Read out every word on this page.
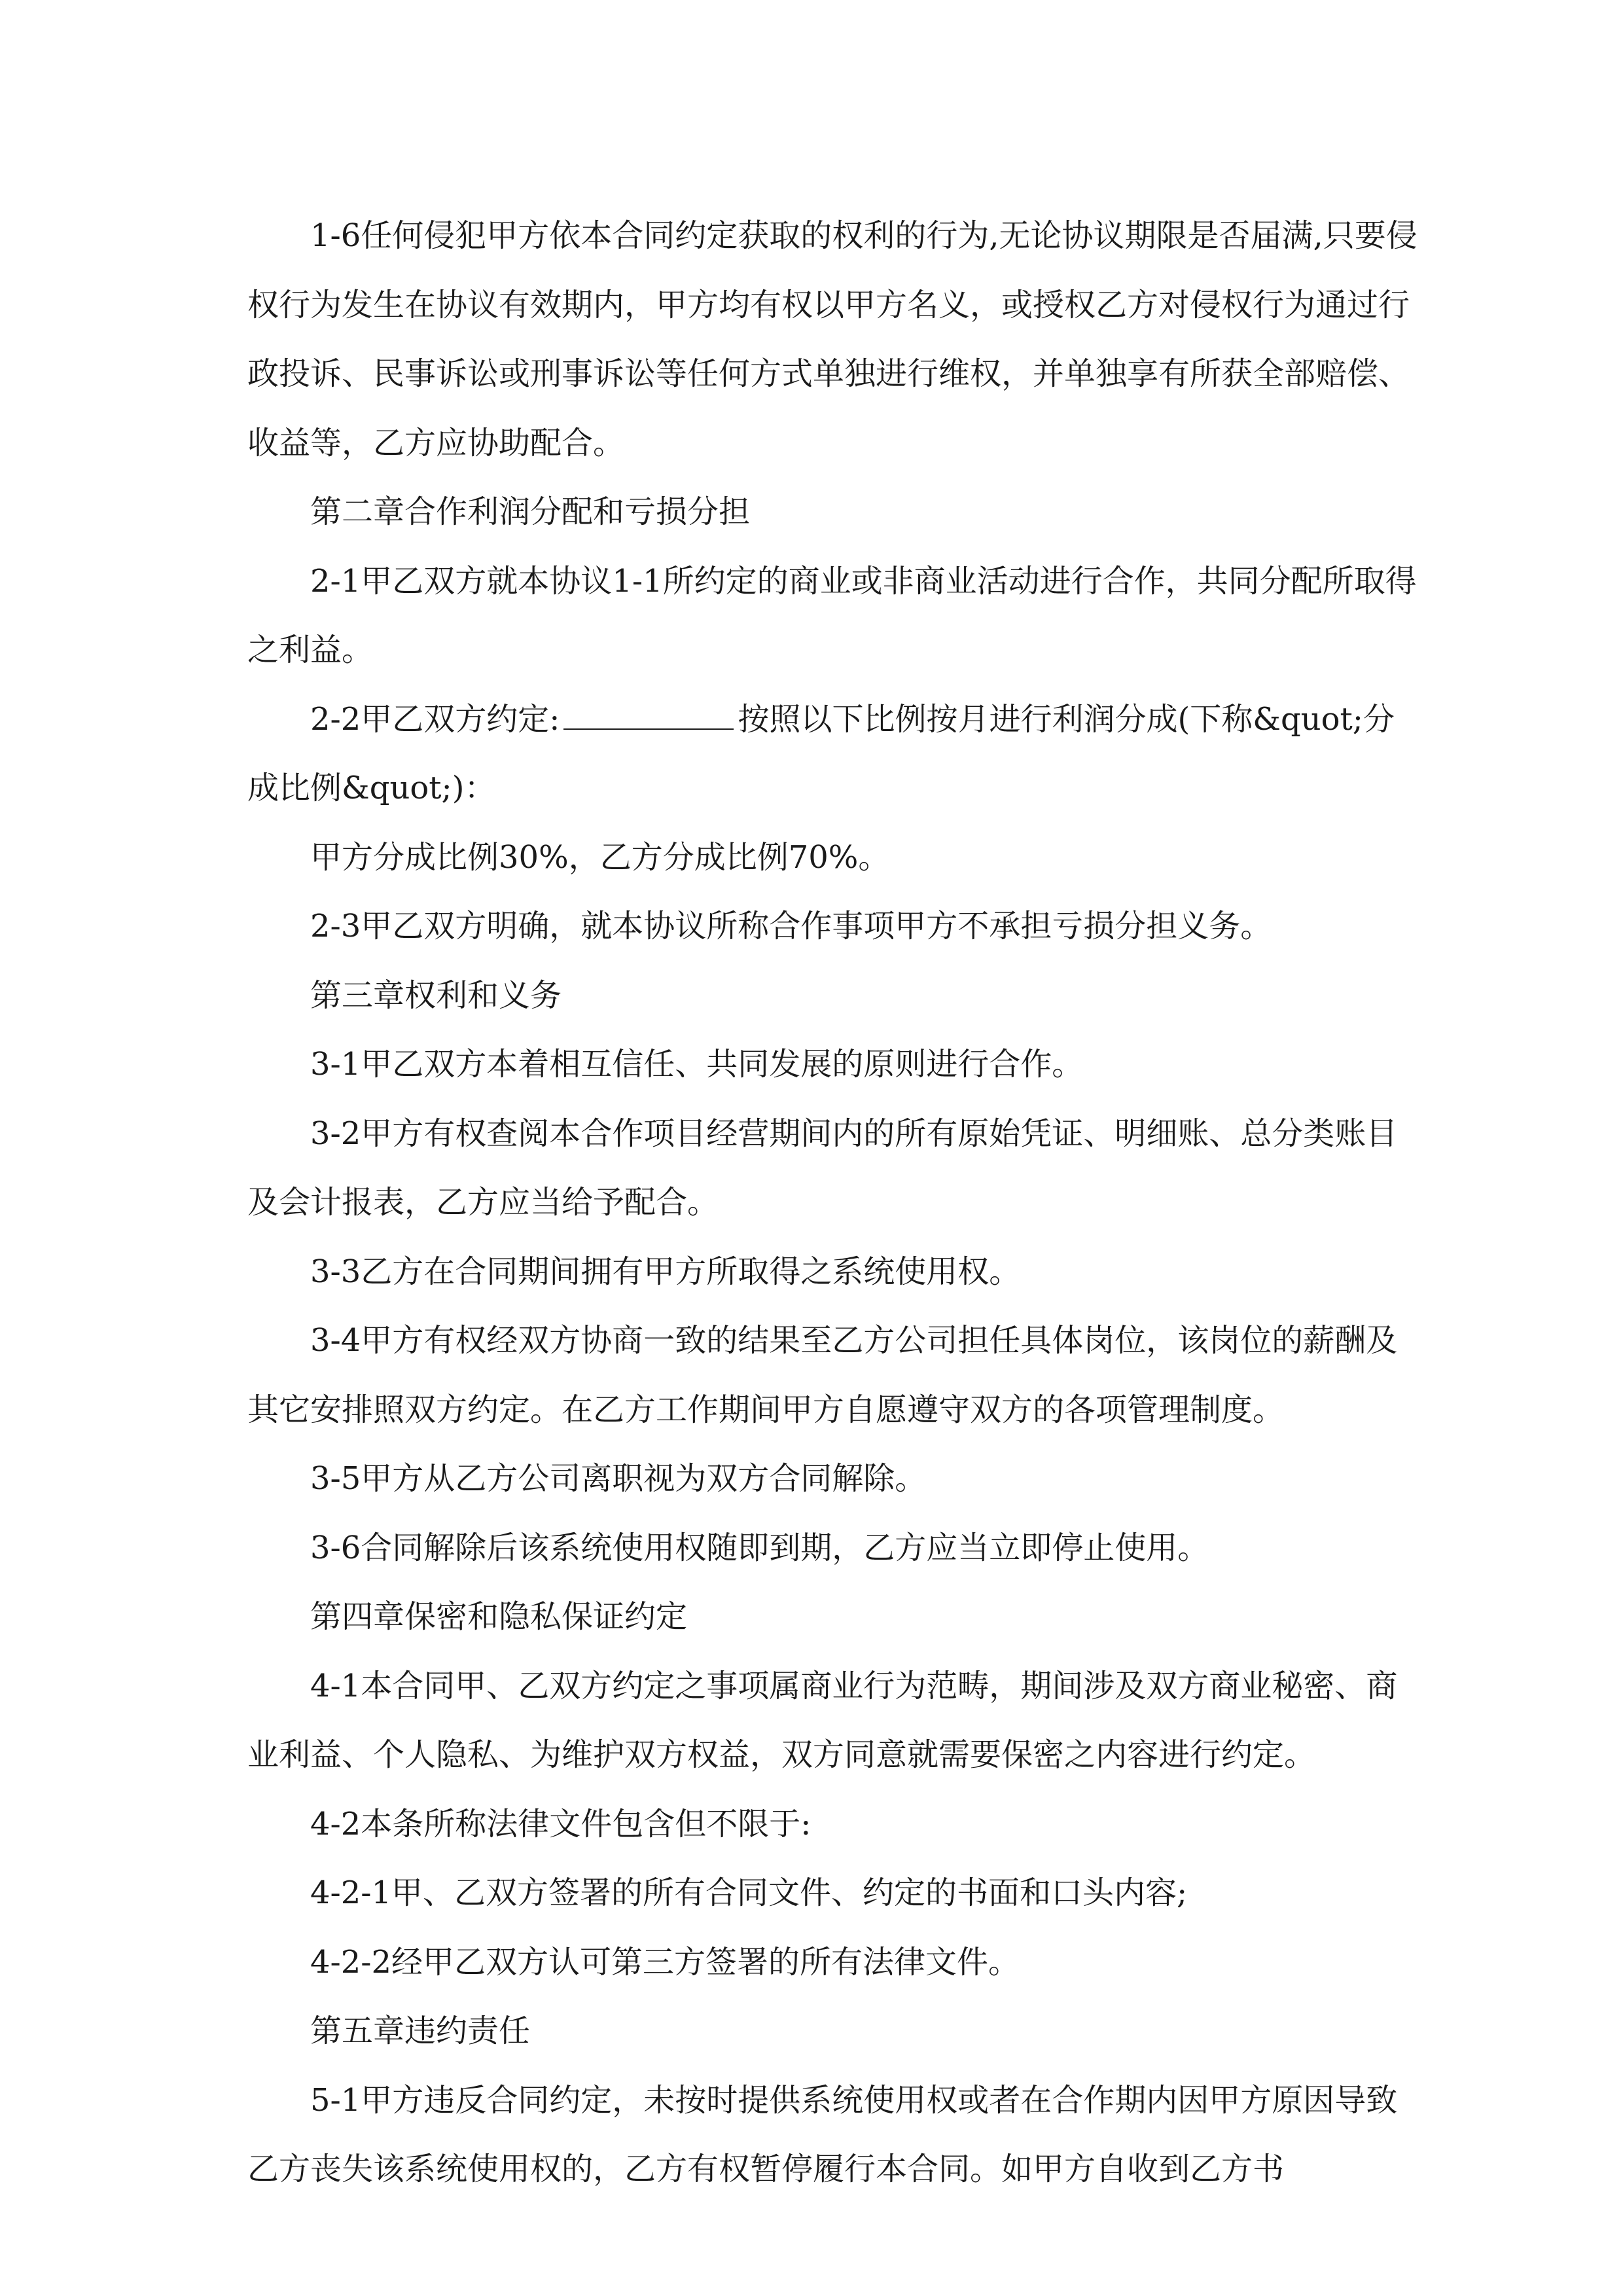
1-6任何侵犯甲方依本合同约定获取的权利的行为,无论协议期限是否届满,只要侵权行为发生在协议有效期内，甲方均有权以甲方名义，或授权乙方对侵权行为通过行政投诉、民事诉讼或刑事诉讼等任何方式单独进行维权，并单独享有所获全部赔偿、收益等，乙方应协助配合。

第二章合作利润分配和亏损分担

2-1甲乙双方就本协议1-1所约定的商业或非商业活动进行合作，共同分配所取得之利益。

2-2甲乙双方约定:	按照以下比例按月进行利润分成(下称&quot;分成比例&quot;)：

甲方分成比例30%，乙方分成比例70%。

2-3甲乙双方明确，就本协议所称合作事项甲方不承担亏损分担义务。

第三章权利和义务

3-1甲乙双方本着相互信任、共同发展的原则进行合作。

3-2甲方有权查阅本合作项目经营期间内的所有原始凭证、明细账、总分类账目及会计报表，乙方应当给予配合。

3-3乙方在合同期间拥有甲方所取得之系统使用权。

3-4甲方有权经双方协商一致的结果至乙方公司担任具体岗位，该岗位的薪酬及其它安排照双方约定。在乙方工作期间甲方自愿遵守双方的各项管理制度。

3-5甲方从乙方公司离职视为双方合同解除。

3-6合同解除后该系统使用权随即到期，乙方应当立即停止使用。

第四章保密和隐私保证约定

4-1本合同甲、乙双方约定之事项属商业行为范畴，期间涉及双方商业秘密、商业利益、个人隐私、为维护双方权益，双方同意就需要保密之内容进行约定。

4-2本条所称法律文件包含但不限于:

4-2-1甲、乙双方签署的所有合同文件、约定的书面和口头内容;

4-2-2经甲乙双方认可第三方签署的所有法律文件。

第五章违约责任

5-1甲方违反合同约定，未按时提供系统使用权或者在合作期内因甲方原因导致乙方丧失该系统使用权的，乙方有权暂停履行本合同。如甲方自收到乙方书
